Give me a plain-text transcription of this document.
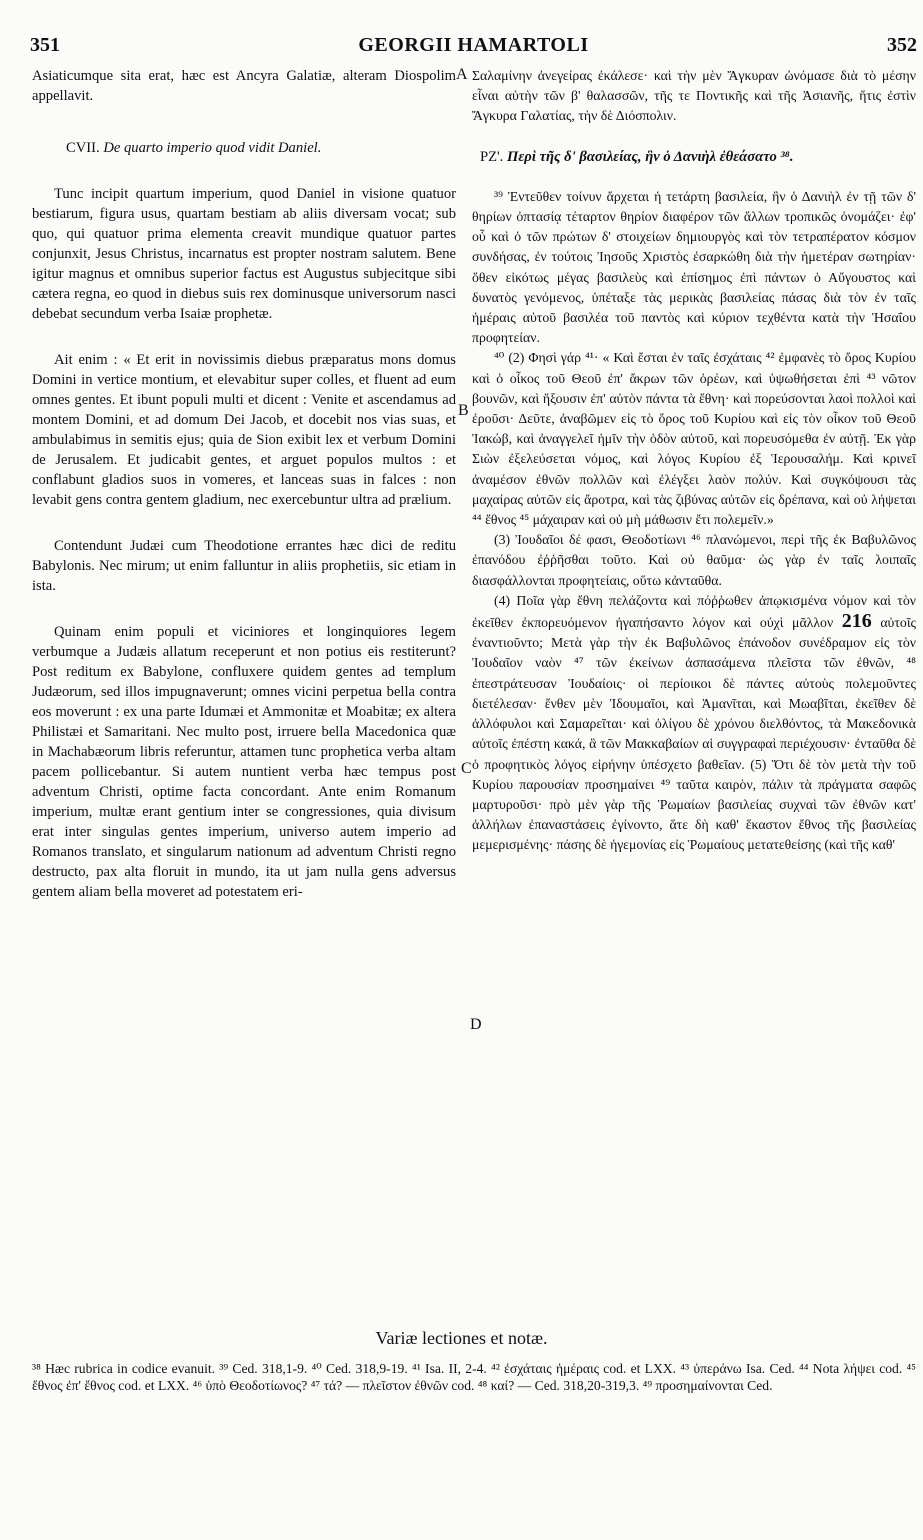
351	GEORGII HAMARTOLI	352
A
B
C
D

Asiaticumque sita erat, hæc est Ancyra Galatiæ, alteram Diospolim appellavit.

CVII. De quarto imperio quod vidit Daniel.

Tunc incipit quartum imperium, quod Daniel in visione quatuor bestiarum, figura usus, quartam bestiam ab aliis diversam vocat; sub quo, qui quatuor prima elementa creavit mundique quatuor partes conjunxit, Jesus Christus, incarnatus est propter nostram salutem. Bene igitur magnus et omnibus superior factus est Augustus subjecitque sibi cætera regna, eo quod in diebus suis rex dominusque universorum nasci debebat secundum verba Isaiæ prophetæ.

Ait enim : « Et erit in novissimis diebus præparatus mons domus Domini in vertice montium, et elevabitur super colles, et fluent ad eum omnes gentes. Et ibunt populi multi et dicent : Venite et ascendamus ad montem Domini, et ad domum Dei Jacob, et docebit nos vias suas, et ambulabimus in semitis ejus; quia de Sion exibit lex et verbum Domini de Jerusalem. Et judicabit gentes, et arguet populos multos : et conflabunt gladios suos in vomeres, et lanceas suas in falces : non levabit gens contra gentem gladium, nec exercebuntur ultra ad prælium.

Contendunt Judæi cum Theodotione errantes hæc dici de reditu Babylonis. Nec mirum; ut enim falluntur in aliis prophetiis, sic etiam in ista.

Quinam enim populi et viciniores et longinquiores legem verbumque a Judæis allatum receperunt et non potius eis restiterunt? Post reditum ex Babylone, confluxere quidem gentes ad templum Judæorum, sed illos impugnaverunt; omnes vicini perpetua bella contra eos moverunt : ex una parte Idumæi et Ammonitæ et Moabitæ; ex altera Philistæi et Samaritani. Nec multo post, irruere bella Macedonica quæ in Machabæorum libris referuntur, attamen tunc prophetica verba altam pacem pollicebantur. Si autem nuntient verba hæc tempus post adventum Christi, optime facta concordant. Ante enim Romanum imperium, multæ erant gentium inter se congressiones, quia divisum erat inter singulas gentes imperium, universo autem imperio ad Romanos translato, et singularum nationum ad adventum Christi regno destructo, pax alta floruit in mundo, ita ut jam nulla gens adversus gentem aliam bella moveret ad potestatem eri-

Σαλαμίνην ἀνεγείρας ἐκάλεσε· καὶ τὴν μὲν Ἄγκυραν ὠνόμασε διὰ τὸ μέσην εἶναι αὐτὴν τῶν β' θαλασσῶν, τῆς τε Ποντικῆς καὶ τῆς Ἀσιανῆς, ἥτις ἐστὶν Ἄγκυρα Γαλατίας, τὴν δὲ Διόσπολιν.

ΡΖ'. Περὶ τῆς δ' βασιλείας, ἣν ὁ Δανιὴλ ἐθεάσατο ³⁸.

³⁹ Ἐντεῦθεν τοίνυν ἄρχεται ἡ τετάρτη βασιλεία, ἣν ὁ Δανιὴλ ἐν τῇ τῶν δ' θηρίων ὀπτασίᾳ τέταρτον θηρίον διαφέρον τῶν ἄλλων τροπικῶς ὀνομάζει· ἐφ' οὗ καὶ ὁ τῶν πρώτων δ' στοιχείων δημιουργὸς καὶ τὸν τετραπέρατον κόσμον συνδήσας, ἐν τούτοις Ἰησοῦς Χριστὸς ἐσαρκώθη διὰ τὴν ἡμετέραν σωτηρίαν· ὅθεν εἰκότως μέγας βασιλεὺς καὶ ἐπίσημος ἐπὶ πάντων ὁ Αὔγουστος καὶ δυνατὸς γενόμενος, ὑπέταξε τὰς μερικὰς βασιλείας πάσας διὰ τὸν ἐν ταῖς ἡμέραις αὐτοῦ βασιλέα τοῦ παντὸς καὶ κύριον τεχθέντα κατὰ τὴν Ἡσαΐου προφητείαν.

⁴⁰ (2) Φησὶ γάρ ⁴¹· « Καὶ ἔσται ἐν ταῖς ἐσχάταις ⁴² ἐμφανὲς τὸ ὄρος Κυρίου καὶ ὁ οἶκος τοῦ Θεοῦ ἐπ' ἄκρων τῶν ὀρέων, καὶ ὑψωθήσεται ἐπὶ ⁴³ νῶτον βουνῶν, καὶ ἥξουσιν ἐπ' αὐτὸν πάντα τὰ ἔθνη· καὶ πορεύσονται λαοὶ πολλοὶ καὶ ἐροῦσι· Δεῦτε, ἀναβῶμεν εἰς τὸ ὄρος τοῦ Κυρίου καὶ εἰς τὸν οἶκον τοῦ Θεοῦ Ἰακώβ, καὶ ἀναγγελεῖ ἡμῖν τὴν ὁδὸν αὐτοῦ, καὶ πορευσόμεθα ἐν αὐτῇ. Ἐκ γὰρ Σιὼν ἐξελεύσεται νόμος, καὶ λόγος Κυρίου ἐξ Ἱερουσαλήμ. Καὶ κρινεῖ ἀναμέσον ἐθνῶν πολλῶν καὶ ἐλέγξει λαὸν πολύν. Καὶ συγκόψουσι τὰς μαχαίρας αὐτῶν εἰς ἄροτρα, καὶ τὰς ζιβύνας αὐτῶν εἰς δρέπανα, καὶ οὐ λήψεται ⁴⁴ ἔθνος ⁴⁵ μάχαιραν καὶ οὐ μὴ μάθωσιν ἔτι πολεμεῖν.»

(3) Ἰουδαῖοι δέ φασι, Θεοδοτίωνι ⁴⁶ πλανώμενοι, περὶ τῆς ἐκ Βαβυλῶνος ἐπανόδου ἐῤῥῆσθαι τοῦτο. Καὶ οὐ θαῦμα· ὡς γὰρ ἐν ταῖς λοιπαῖς διασφάλλονται προφητείαις, οὕτω κἀνταῦθα.

(4) Ποῖα γὰρ ἔθνη πελάζοντα καὶ πόῤῥωθεν ἀπῳκισμένα νόμον καὶ τὸν ἐκεῖθεν ἐκπορευόμενον ἠγαπήσαντο λόγον καὶ οὐχὶ μᾶλλον 216 αὐτοῖς ἐναντιοῦντο; Μετὰ γὰρ τὴν ἐκ Βαβυλῶνος ἐπάνοδον συνέδραμον εἰς τὸν Ἰουδαῖον ναὸν ⁴⁷ τῶν ἐκείνων ἀσπασάμενα πλεῖστα τῶν ἐθνῶν, ⁴⁸ ἐπεστράτευσαν Ἰουδαίοις· οἱ περίοικοι δὲ πάντες αὐτοὺς πολεμοῦντες διετέλεσαν· ἔνθεν μὲν Ἰδουμαῖοι, καὶ Ἀμανῖται, καὶ Μωαβῖται, ἐκεῖθεν δὲ ἀλλόφυλοι καὶ Σαμαρεῖται· καὶ ὀλίγου δὲ χρόνου διελθόντος, τὰ Μακεδονικὰ αὐτοῖς ἐπέστη κακά, ἃ τῶν Μακκαβαίων αἱ συγγραφαὶ περιέχουσιν· ἐνταῦθα δὲ ὁ προφητικὸς λόγος εἰρήνην ὑπέσχετο βαθεῖαν. (5) Ὅτι δὲ τὸν μετὰ τὴν τοῦ Κυρίου παρουσίαν προσημαίνει ⁴⁹ ταῦτα καιρὸν, πάλιν τὰ πράγματα σαφῶς μαρτυροῦσι· πρὸ μὲν γὰρ τῆς Ῥωμαίων βασιλείας συχναὶ τῶν ἐθνῶν κατ' ἀλλήλων ἐπαναστάσεις ἐγίνοντο, ἅτε δὴ καθ' ἕκαστον ἔθνος τῆς βασιλείας μεμερισμένης· πάσης δὲ ἡγεμονίας εἰς Ῥωμαίους μετατεθείσης (καὶ τῆς καθ'

Variæ lectiones et notæ.

³⁸ Hæc rubrica in codice evanuit. ³⁹ Ced. 318,1-9. ⁴⁰ Ced. 318,9-19. ⁴¹ Isa. II, 2-4. ⁴² ἐσχάταις ἡμέραις cod. et LXX. ⁴³ ὑπεράνω Isa. Ced. ⁴⁴ Nota λήψει cod. ⁴⁵ ἔθνος ἐπ' ἔθνος cod. et LXX. ⁴⁶ ὑπὸ Θεοδοτίωνος? ⁴⁷ τά? — πλεῖστον ἐθνῶν cod. ⁴⁸ καί? — Ced. 318,20-319,3. ⁴⁹ προσημαίνονται Ced.
